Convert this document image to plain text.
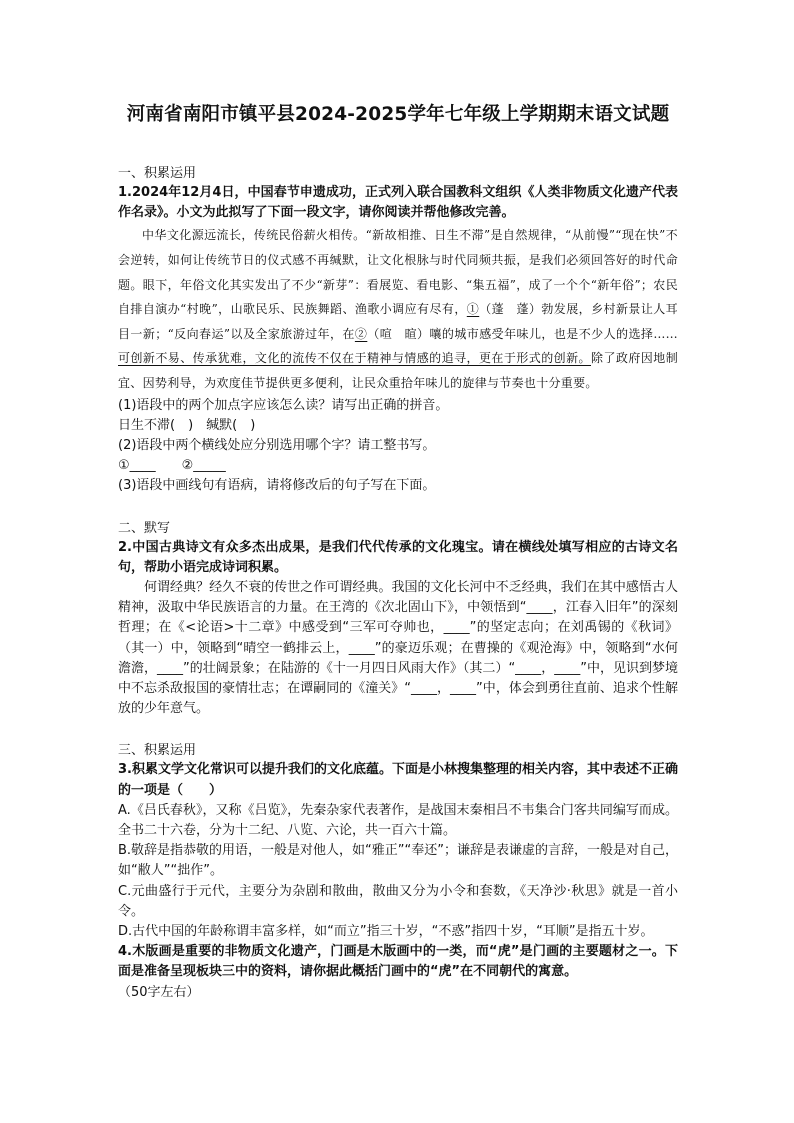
河南省南阳市镇平县2024-2025学年七年级上学期期末语文试题

一、积累运用

1.2024年12月4日，中国春节申遗成功，正式列入联合国教科文组织《人类非物质文化遗产代表作名录》。小文为此拟写了下面一段文字，请你阅读并帮他修改完善。

中华文化源远流长，传统民俗薪火相传。“新故相推、日生不滞”是自然规律，“从前慢”“现在快”不会逆转，如何让传统节日的仪式感不再缄默，让文化根脉与时代同频共振，是我们必须回答好的时代命题。眼下，年俗文化其实发出了不少“新芽”：看展览、看电影、“集五福”，成了一个个“新年俗”；农民自排自演办“村晚”，山歌民乐、民族舞蹈、渔歌小调应有尽有，①（蓬　蓬）勃发展，乡村新景让人耳目一新；“反向春运”以及全家旅游过年，在②（喧　暄）嚷的城市感受年味儿，也是不少人的选择……可创新不易、传承犹难，文化的流传不仅在于精神与情感的追寻，更在于形式的创新。除了政府因地制宜、因势利导，为欢度佳节提供更多便利，让民众重拾年味儿的旋律与节奏也十分重要。

(1)语段中的两个加点字应该怎么读？请写出正确的拼音。

日生不滞(　)　缄默(　)

(2)语段中两个横线处应分别选用哪个字？请工整书写。

①____　　②_____

(3)语段中画线句有语病，请将修改后的句子写在下面。

二、默写

2.中国古典诗文有众多杰出成果，是我们代代传承的文化瑰宝。请在横线处填写相应的古诗文名句，帮助小语完成诗词积累。

何谓经典？经久不衰的传世之作可谓经典。我国的文化长河中不乏经典，我们在其中感悟古人精神，汲取中华民族语言的力量。在王湾的《次北固山下》，中领悟到“____，江春入旧年”的深刻哲理；在《<论语>十二章》中感受到“三军可夺帅也，____”的坚定志向；在刘禹锡的《秋词》（其一）中，领略到“晴空一鹤排云上，____”的豪迈乐观；在曹操的《观沧海》中，领略到“水何澹澹，____”的壮阔景象；在陆游的《十一月四日风雨大作》（其二）“____，____”中，见识到梦境中不忘杀敌报国的豪情壮志；在谭嗣同的《潼关》“____，____”中，体会到勇往直前、追求个性解放的少年意气。

三、积累运用

3.积累文学文化常识可以提升我们的文化底蕴。下面是小林搜集整理的相关内容，其中表述不正确的一项是（　　）

A.《吕氏春秋》，又称《吕览》，先秦杂家代表著作，是战国末秦相吕不韦集合门客共同编写而成。全书二十六卷，分为十二纪、八览、六论，共一百六十篇。

B.敬辞是指恭敬的用语，一般是对他人，如“雅正”“奉还”；谦辞是表谦虚的言辞，一般是对自己，如“敝人”“拙作”。

C.元曲盛行于元代，主要分为杂剧和散曲，散曲又分为小令和套数，《天净沙·秋思》就是一首小令。

D.古代中国的年龄称谓丰富多样，如“而立”指三十岁，“不惑”指四十岁，“耳顺”是指五十岁。

4.木版画是重要的非物质文化遗产，门画是木版画中的一类，而“虎”是门画的主要题材之一。下面是准备呈现板块三中的资料，请你据此概括门画中的“虎”在不同朝代的寓意。

（50字左右）
